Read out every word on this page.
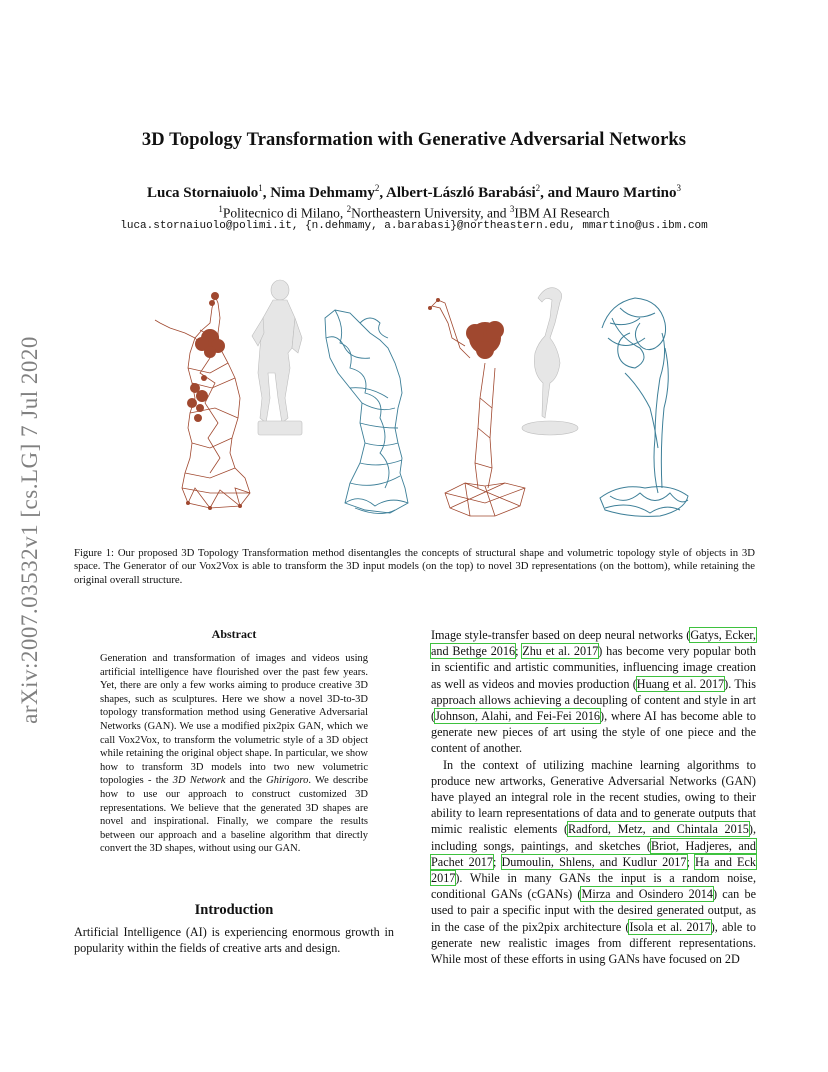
arXiv:2007.03532v1 [cs.LG] 7 Jul 2020
3D Topology Transformation with Generative Adversarial Networks
Luca Stornaiuolo$^1$, Nima Dehmamy$^2$, Albert-László Barabási$^2$, and Mauro Martino$^3$
$^1$Politecnico di Milano, $^2$Northeastern University, and $^3$IBM AI Research
luca.stornaiuolo@polimi.it, {n.dehmamy, a.barabasi}@northeastern.edu, mmartino@us.ibm.com
Figure 1: Our proposed 3D Topology Transformation method disentangles the concepts of structural shape and volumetric topology style of objects in 3D space. The Generator of our Vox2Vox is able to transform the 3D input models (on the top) to novel 3D representations (on the bottom), while retaining the original overall structure.
Abstract

Generation and transformation of images and videos using artificial intelligence have flourished over the past few years. Yet, there are only a few works aiming to produce creative 3D shapes, such as sculptures. Here we show a novel 3D-to-3D topology transformation method using Generative Adversarial Networks (GAN). We use a modified pix2pix GAN, which we call Vox2Vox, to transform the volumetric style of a 3D object while retaining the original object shape. In particular, we show how to transform 3D models into two new volumetric topologies - the 3D Network and the Ghirigoro. We describe how to use our approach to construct customized 3D representations. We believe that the generated 3D shapes are novel and inspirational. Finally, we compare the results between our approach and a baseline algorithm that directly convert the 3D shapes, without using our GAN.

Introduction
Artificial Intelligence (AI) is experiencing enormous growth in popularity within the fields of creative arts and design.

Image style-transfer based on deep neural networks (Gatys, Ecker, and Bethge 2016; Zhu et al. 2017) has become very popular both in scientific and artistic communities, influencing image creation as well as videos and movies production (Huang et al. 2017). This approach allows achieving a decoupling of content and style in art (Johnson, Alahi, and Fei-Fei 2016), where AI has become able to generate new pieces of art using the style of one piece and the content of another.

In the context of utilizing machine learning algorithms to produce new artworks, Generative Adversarial Networks (GAN) have played an integral role in the recent studies, owing to their ability to learn representations of data and to generate outputs that mimic realistic elements (Radford, Metz, and Chintala 2015), including songs, paintings, and sketches (Briot, Hadjeres, and Pachet 2017; Dumoulin, Shlens, and Kudlur 2017; Ha and Eck 2017). While in many GANs the input is a random noise, conditional GANs (cGANs) (Mirza and Osindero 2014) can be used to pair a specific input with the desired generated output, as in the case of the pix2pix architecture (Isola et al. 2017), able to generate new realistic images from different representations. While most of these efforts in using GANs have focused on 2D
